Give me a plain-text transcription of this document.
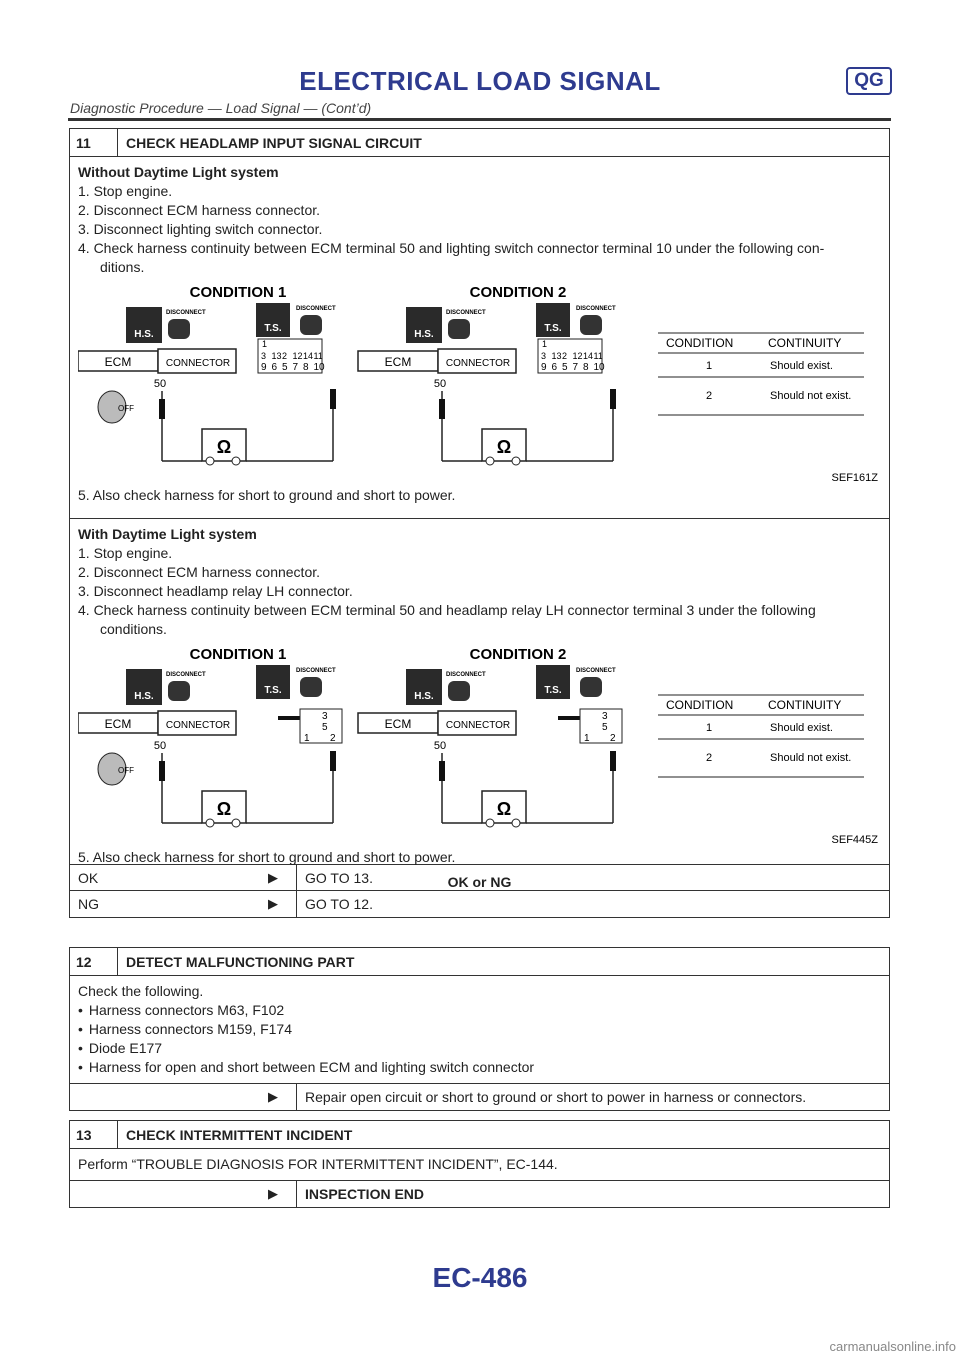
ELECTRICAL LOAD SIGNAL	QG
Diagnostic Procedure — Load Signal — (Cont’d)
11	CHECK HEADLAMP INPUT SIGNAL CIRCUIT
Without Daytime Light system
1. Stop engine.
2. Disconnect ECM harness connector.
3. Disconnect lighting switch connector.
4. Check harness continuity between ECM terminal 50 and lighting switch connector terminal 10 under the following con-
ditions.
CONDITION 1
H.S.
DISCONNECT
T.S.
DISCONNECT
ECM	CONNECTOR
50
Ω
OFF
1
3 13 2 12 14 11
9 6 5 7 8 10
CONDITION 2
H.S.
DISCONNECT
T.S.
DISCONNECT
ECM	CONNECTOR
50
Ω
1
3 13 2 12 14 11
9 6 5 7 8 10
CONDITION	CONTINUITY
1	Should exist.
2	Should not exist.
SEF161Z
5. Also check harness for short to ground and short to power.
With Daytime Light system
1. Stop engine.
2. Disconnect ECM harness connector.
3. Disconnect headlamp relay LH connector.
4. Check harness continuity between ECM terminal 50 and headlamp relay LH connector terminal 3 under the following
conditions.
CONDITION 1
H.S.
DISCONNECT
T.S.
DISCONNECT
ECM	CONNECTOR
50
Ω
OFF
3
5
1 2
CONDITION 2
H.S.
DISCONNECT
T.S.
DISCONNECT
ECM	CONNECTOR
50
Ω
3
5
1 2
CONDITION	CONTINUITY
1	Should exist.
2	Should not exist.
SEF445Z
5. Also check harness for short to ground and short to power.
OK or NG
OK	▶	GO TO 13.
NG	▶	GO TO 12.
12	DETECT MALFUNCTIONING PART
Check the following.
• Harness connectors M63, F102
• Harness connectors M159, F174
• Diode E177
• Harness for open and short between ECM and lighting switch connector
▶	Repair open circuit or short to ground or short to power in harness or connectors.
13	CHECK INTERMITTENT INCIDENT
Perform “TROUBLE DIAGNOSIS FOR INTERMITTENT INCIDENT”, EC-144.
▶	INSPECTION END
EC-486
carmanualsonline.info
